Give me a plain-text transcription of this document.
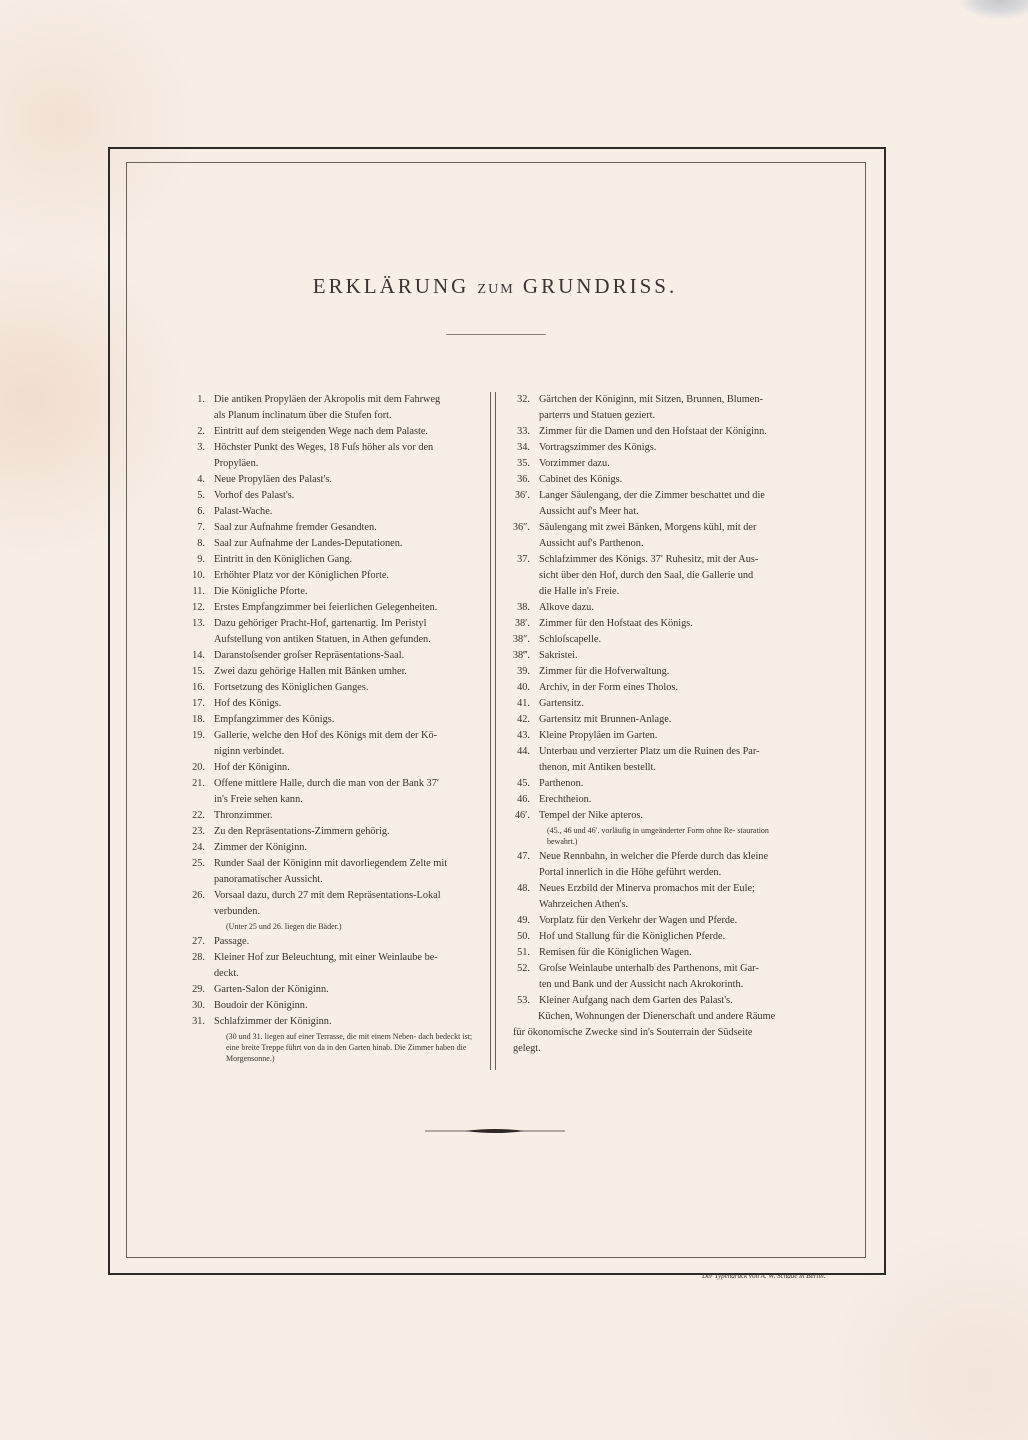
ERKLÄRUNG ZUM GRUNDRISS.
1. Die antiken Propyläen der Akropolis mit dem Fahrweg
als Planum inclinatum über die Stufen fort.
2. Eintritt auf dem steigenden Wege nach dem Palaste.
3. Höchster Punkt des Weges, 18 Fuſs höher als vor den
Propyläen.
4. Neue Propyläen des Palast's.
5. Vorhof des Palast's.
6. Palast-Wache.
7. Saal zur Aufnahme fremder Gesandten.
8. Saal zur Aufnahme der Landes-Deputationen.
9. Eintritt in den Königlichen Gang.
10. Erhöhter Platz vor der Königlichen Pforte.
11. Die Königliche Pforte.
12. Erstes Empfangzimmer bei feierlichen Gelegenheiten.
13. Dazu gehöriger Pracht-Hof, gartenartig. Im Peristyl
Aufstellung von antiken Statuen, in Athen gefunden.
14. Daranstoſsender groſser Repräsentations-Saal.
15. Zwei dazu gehörige Hallen mit Bänken umher.
16. Fortsetzung des Königlichen Ganges.
17. Hof des Königs.
18. Empfangzimmer des Königs.
19. Gallerie, welche den Hof des Königs mit dem der Kö-
niginn verbindet.
20. Hof der Königinn.
21. Offene mittlere Halle, durch die man von der Bank 37′
in's Freie sehen kann.
22. Thronzimmer.
23. Zu den Repräsentations-Zimmern gehörig.
24. Zimmer der Königinn.
25. Runder Saal der Königinn mit davorliegendem Zelte mit
panoramatischer Aussicht.
26. Vorsaal dazu, durch 27 mit dem Repräsentations-Lokal
verbunden.
(Unter 25 und 26. liegen die Bäder.)
27. Passage.
28. Kleiner Hof zur Beleuchtung, mit einer Weinlaube be-
deckt.
29. Garten-Salon der Königinn.
30. Boudoir der Königinn.
31. Schlafzimmer der Königinn.
(30 und 31. liegen auf einer Terrasse, die mit einem Neben- dach bedeckt ist; eine breite Treppe führt von da in den Garten hinab. Die Zimmer haben die Morgensonne.)
32. Gärtchen der Königinn, mit Sitzen, Brunnen, Blumen-
parterrs und Statuen geziert.
33. Zimmer für die Damen und den Hofstaat der Königinn.
34. Vortragszimmer des Königs.
35. Vorzimmer dazu.
36. Cabinet des Königs.
36′. Langer Säulengang, der die Zimmer beschattet und die
Aussicht auf's Meer hat.
36″. Säulengang mit zwei Bänken, Morgens kühl, mit der
Aussicht auf's Parthenon.
37. Schlafzimmer des Königs. 37′ Ruhesitz, mit der Aus-
sicht über den Hof, durch den Saal, die Gallerie und
die Halle in's Freie.
38. Alkove dazu.
38′. Zimmer für den Hofstaat des Königs.
38″. Schloſscapelle.
38‴. Sakristei.
39. Zimmer für die Hofverwaltung.
40. Archiv, in der Form eines Tholos.
41. Gartensitz.
42. Gartensitz mit Brunnen-Anlage.
43. Kleine Propyläen im Garten.
44. Unterbau und verzierter Platz um die Ruinen des Par-
thenon, mit Antiken bestellt.
45. Parthenon.
46. Erechtheion.
46′. Tempel der Nike apteros.
(45., 46 und 46′. vorläufig in umgeänderter Form ohne Re- stauration bewahrt.)
47. Neue Rennbahn, in welcher die Pferde durch das kleine
Portal innerlich in die Höhe geführt werden.
48. Neues Erzbild der Minerva promachos mit der Eule;
Wahrzeichen Athen's.
49. Vorplatz für den Verkehr der Wagen und Pferde.
50. Hof und Stallung für die Königlichen Pferde.
51. Remisen für die Königlichen Wagen.
52. Groſse Weinlaube unterhalb des Parthenons, mit Gar-
ten und Bank und der Aussicht nach Akrokorinth.
53. Kleiner Aufgang nach dem Garten des Palast's.
Küchen, Wohnungen der Dienerschaft und andere Räume
für ökonomische Zwecke sind in's Souterrain der Südseite
gelegt.
Der Typendruck von A. W. Schade in Berlin.
